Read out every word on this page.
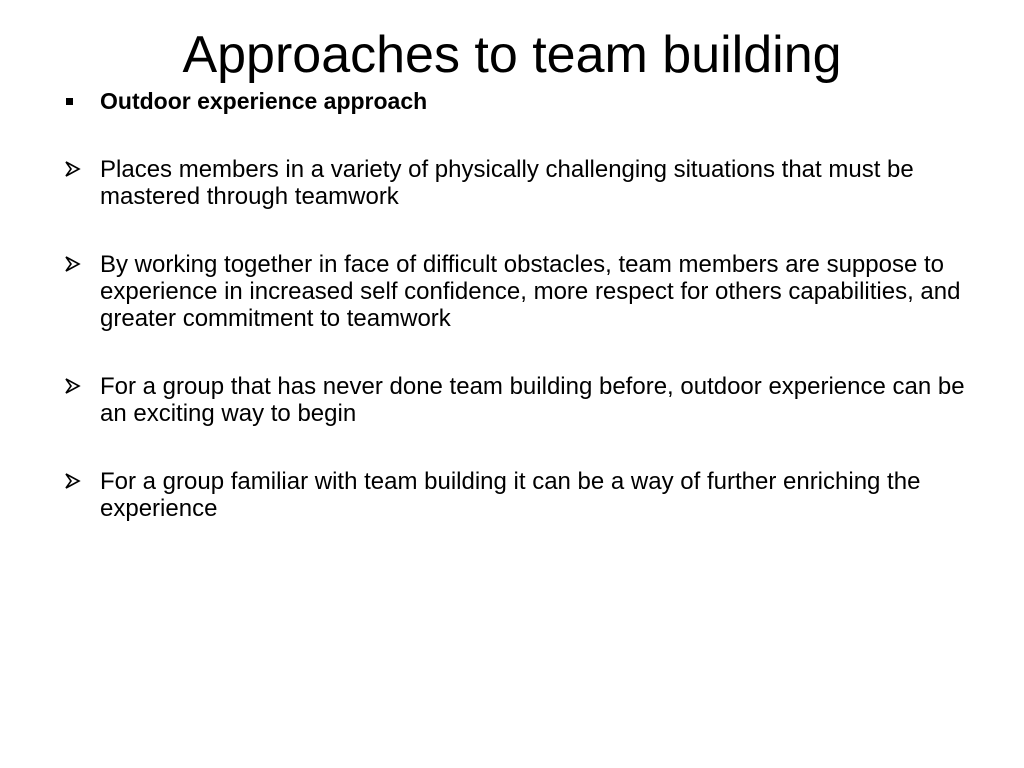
Approaches to team building
Outdoor experience approach
Places members in a variety of physically challenging situations that must be mastered through teamwork
By working together in face of difficult obstacles, team members are suppose to experience in increased self confidence, more respect for others capabilities, and greater commitment to teamwork
For a group that has never done team building before, outdoor experience can be an exciting way to begin
For a group familiar with team building it can be a way of further enriching the experience
